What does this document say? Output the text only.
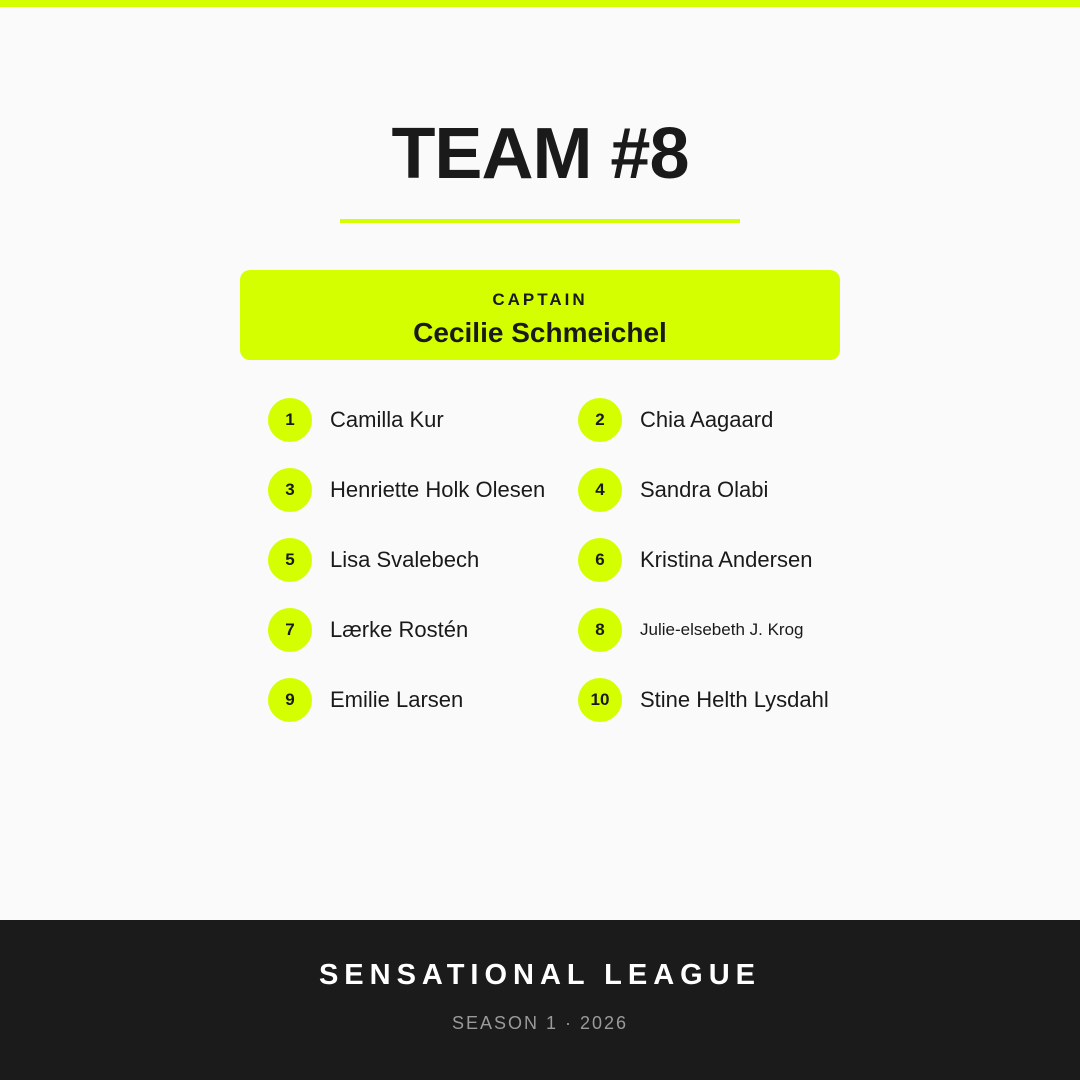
TEAM #8
CAPTAIN
Cecilie Schmeichel
1	Camilla Kur	2	Chia Aagaard
3	Henriette Holk Olesen	4	Sandra Olabi
5	Lisa Svalebech	6	Kristina Andersen
7	Lærke Rostén	8	Julie-elsebeth J. Krog
9	Emilie Larsen	10	Stine Helth Lysdahl
SENSATIONAL LEAGUE
SEASON 1 · 2026
